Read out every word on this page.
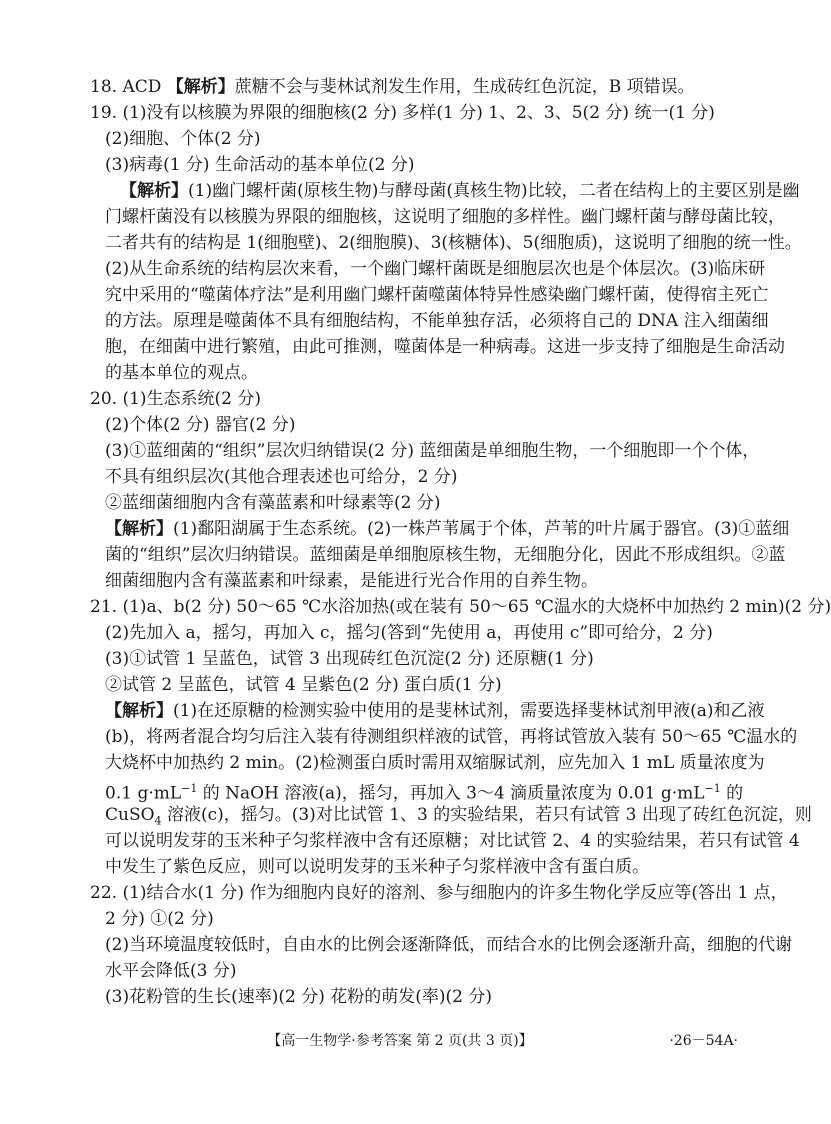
18. ACD 【解析】蔗糖不会与斐林试剂发生作用，生成砖红色沉淀，B 项错误。
19. (1)没有以核膜为界限的细胞核(2 分) 多样(1 分) 1、2、3、5(2 分) 统一(1 分)
(2)细胞、个体(2 分)
(3)病毒(1 分) 生命活动的基本单位(2 分)
【解析】(1)幽门螺杆菌(原核生物)与酵母菌(真核生物)比较，二者在结构上的主要区别是幽
门螺杆菌没有以核膜为界限的细胞核，这说明了细胞的多样性。幽门螺杆菌与酵母菌比较，
二者共有的结构是 1(细胞壁)、2(细胞膜)、3(核糖体)、5(细胞质)，这说明了细胞的统一性。
(2)从生命系统的结构层次来看，一个幽门螺杆菌既是细胞层次也是个体层次。(3)临床研
究中采用的“噬菌体疗法”是利用幽门螺杆菌噬菌体特异性感染幽门螺杆菌，使得宿主死亡
的方法。原理是噬菌体不具有细胞结构，不能单独存活，必须将自己的 DNA 注入细菌细
胞，在细菌中进行繁殖，由此可推测，噬菌体是一种病毒。这进一步支持了细胞是生命活动
的基本单位的观点。
20. (1)生态系统(2 分)
(2)个体(2 分) 器官(2 分)
(3)①蓝细菌的“组织”层次归纳错误(2 分) 蓝细菌是单细胞生物，一个细胞即一个个体，
不具有组织层次(其他合理表述也可给分，2 分)
②蓝细菌细胞内含有藻蓝素和叶绿素等(2 分)
【解析】(1)鄱阳湖属于生态系统。(2)一株芦苇属于个体，芦苇的叶片属于器官。(3)①蓝细
菌的“组织”层次归纳错误。蓝细菌是单细胞原核生物，无细胞分化，因此不形成组织。②蓝
细菌细胞内含有藻蓝素和叶绿素，是能进行光合作用的自养生物。
21. (1)a、b(2 分) 50～65 ℃水浴加热(或在装有 50～65 ℃温水的大烧杯中加热约 2 min)(2 分)
(2)先加入 a，摇匀，再加入 c，摇匀(答到“先使用 a，再使用 c”即可给分，2 分)
(3)①试管 1 呈蓝色，试管 3 出现砖红色沉淀(2 分) 还原糖(1 分)
②试管 2 呈蓝色，试管 4 呈紫色(2 分) 蛋白质(1 分)
【解析】(1)在还原糖的检测实验中使用的是斐林试剂，需要选择斐林试剂甲液(a)和乙液
(b)，将两者混合均匀后注入装有待测组织样液的试管，再将试管放入装有 50～65 ℃温水的
大烧杯中加热约 2 min。(2)检测蛋白质时需用双缩脲试剂，应先加入 1 mL 质量浓度为
0.1 $g\cdot mL^{-1}$ 的 NaOH 溶液(a)，摇匀，再加入 3～4 滴质量浓度为 0.01 $g\cdot mL^{-1}$ 的
CuSO$_4$ 溶液(c)，摇匀。(3)对比试管 1、3 的实验结果，若只有试管 3 出现了砖红色沉淀，则
可以说明发芽的玉米种子匀浆样液中含有还原糖；对比试管 2、4 的实验结果，若只有试管 4
中发生了紫色反应，则可以说明发芽的玉米种子匀浆样液中含有蛋白质。
22. (1)结合水(1 分) 作为细胞内良好的溶剂、参与细胞内的许多生物化学反应等(答出 1 点，
2 分) ①(2 分)
(2)当环境温度较低时，自由水的比例会逐渐降低，而结合水的比例会逐渐升高，细胞的代谢
水平会降低(3 分)
(3)花粉管的生长(速率)(2 分) 花粉的萌发(率)(2 分)
【高一生物学·参考答案 第 2 页(共 3 页)】	·26－54A·
